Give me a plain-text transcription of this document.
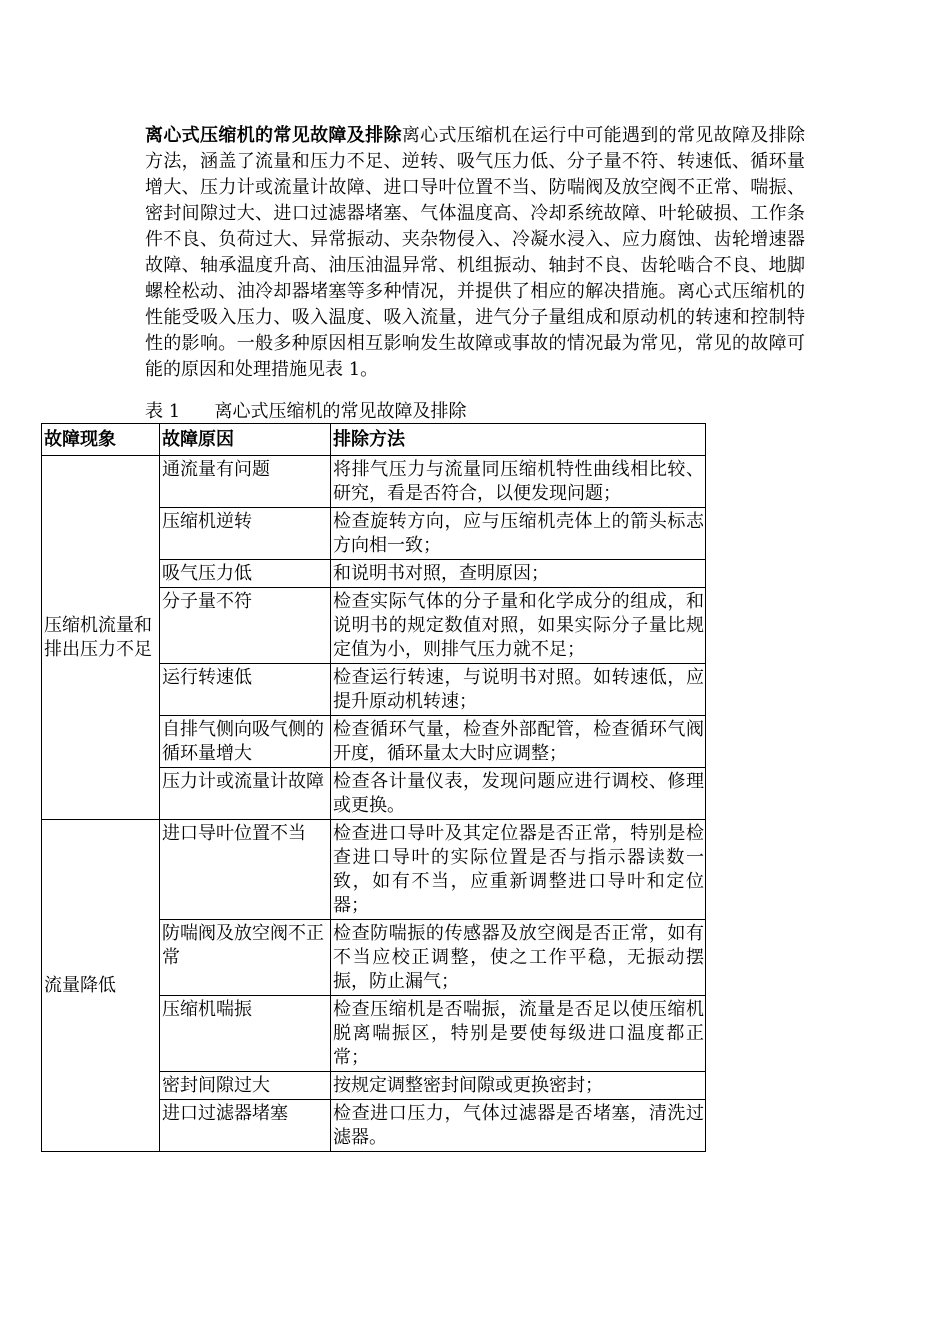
离心式压缩机的常见故障及排除离心式压缩机在运行中可能遇到的常见故障及排除方法，涵盖了流量和压力不足、逆转、吸气压力低、分子量不符、转速低、循环量增大、压力计或流量计故障、进口导叶位置不当、防喘阀及放空阀不正常、喘振、密封间隙过大、进口过滤器堵塞、气体温度高、冷却系统故障、叶轮破损、工作条件不良、负荷过大、异常振动、夹杂物侵入、冷凝水浸入、应力腐蚀、齿轮增速器故障、轴承温度升高、油压油温异常、机组振动、轴封不良、齿轮啮合不良、地脚螺栓松动、油冷却器堵塞等多种情况，并提供了相应的解决措施。离心式压缩机的性能受吸入压力、吸入温度、吸入流量，进气分子量组成和原动机的转速和控制特性的影响。一般多种原因相互影响发生故障或事故的情况最为常见，常见的故障可能的原因和处理措施见表 1。
表 1      离心式压缩机的常见故障及排除
故障现象	故障原因	排除方法
压缩机流量和排出压力不足	通流量有问题	将排气压力与流量同压缩机特性曲线相比较、研究，看是否符合，以便发现问题；
	压缩机逆转	检查旋转方向，应与压缩机壳体上的箭头标志方向相一致；
	吸气压力低	和说明书对照，查明原因；
	分子量不符	检查实际气体的分子量和化学成分的组成，和说明书的规定数值对照，如果实际分子量比规定值为小，则排气压力就不足；
	运行转速低	检查运行转速，与说明书对照。如转速低，应提升原动机转速；
	自排气侧向吸气侧的循环量增大	检查循环气量，检查外部配管，检查循环气阀开度，循环量太大时应调整；
	压力计或流量计故障	检查各计量仪表，发现问题应进行调校、修理或更换。
流量降低	进口导叶位置不当	检查进口导叶及其定位器是否正常，特别是检查进口导叶的实际位置是否与指示器读数一致，如有不当，应重新调整进口导叶和定位器；
	防喘阀及放空阀不正常	检查防喘振的传感器及放空阀是否正常，如有不当应校正调整，使之工作平稳，无振动摆振，防止漏气；
	压缩机喘振	检查压缩机是否喘振，流量是否足以使压缩机脱离喘振区，特别是要使每级进口温度都正常；
	密封间隙过大	按规定调整密封间隙或更换密封；
	进口过滤器堵塞	检查进口压力，气体过滤器是否堵塞，清洗过滤器。
